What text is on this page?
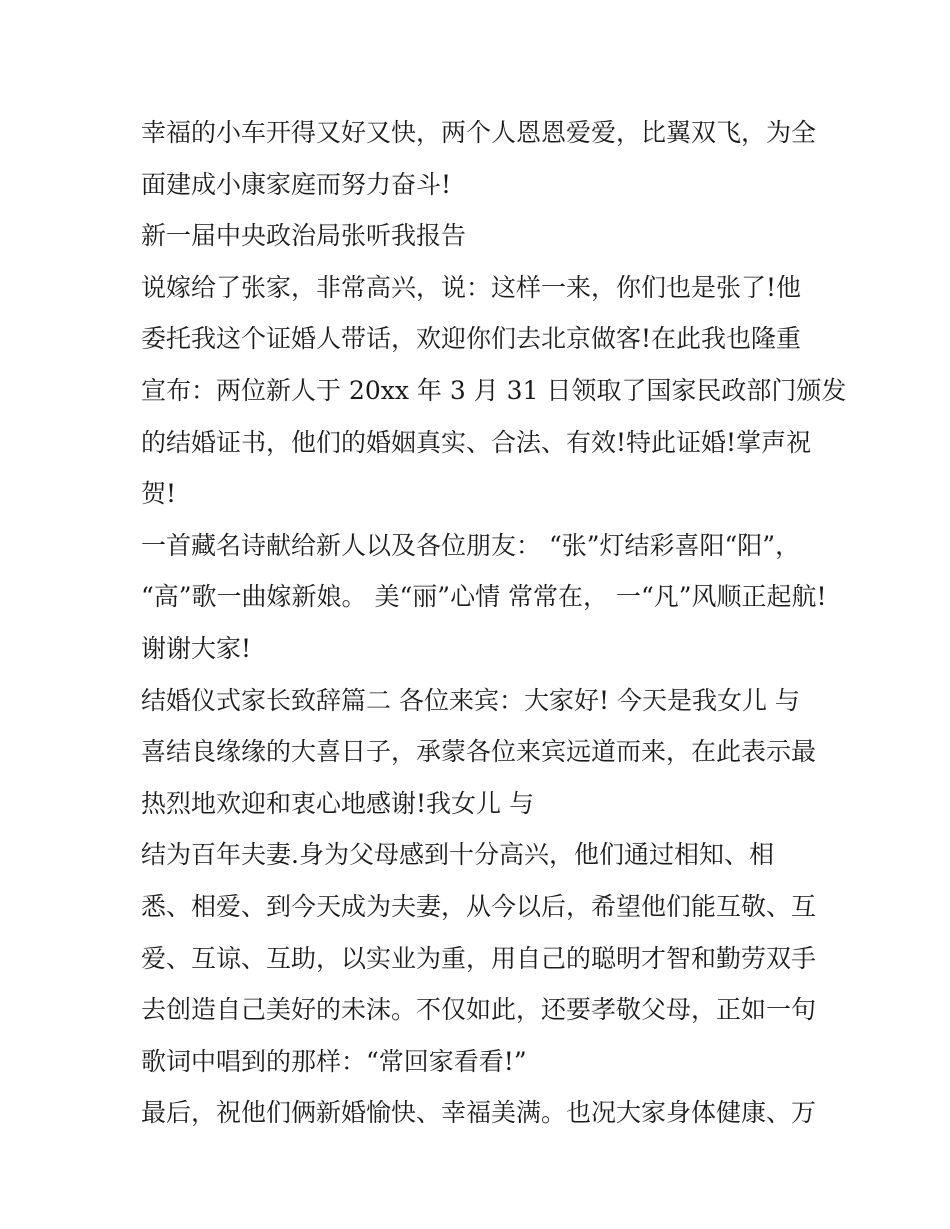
幸福的小车开得又好又快，两个人恩恩爱爱，比翼双飞，为全
面建成小康家庭而努力奋斗!
新一届中央政治局张听我报告
说嫁给了张家，非常高兴，说：这样一来，你们也是张了!他
委托我这个证婚人带话，欢迎你们去北京做客!在此我也隆重
宣布：两位新人于 20xx 年 3 月 31 日领取了国家民政部门颁发
的结婚证书，他们的婚姻真实、合法、有效!特此证婚!掌声祝
贺!
一首藏名诗献给新人以及各位朋友： “张”灯结彩喜阳“阳”，
“高”歌一曲嫁新娘。 美“丽”心情 常常在， 一“凡”风顺正起航!
谢谢大家!
结婚仪式家长致辞篇二 各位来宾：大家好! 今天是我女儿 与
喜结良缘缘的大喜日子，承蒙各位来宾远道而来，在此表示最
热烈地欢迎和衷心地感谢!我女儿 与
结为百年夫妻.身为父母感到十分高兴，他们通过相知、相
悉、相爱、到今天成为夫妻，从今以后，希望他们能互敬、互
爱、互谅、互助，以实业为重，用自己的聪明才智和勤劳双手
去创造自己美好的未沫。不仅如此，还要孝敬父母，正如一句
歌词中唱到的那样：“常回家看看!”
最后，祝他们俩新婚愉快、幸福美满。也况大家身体健康、万
